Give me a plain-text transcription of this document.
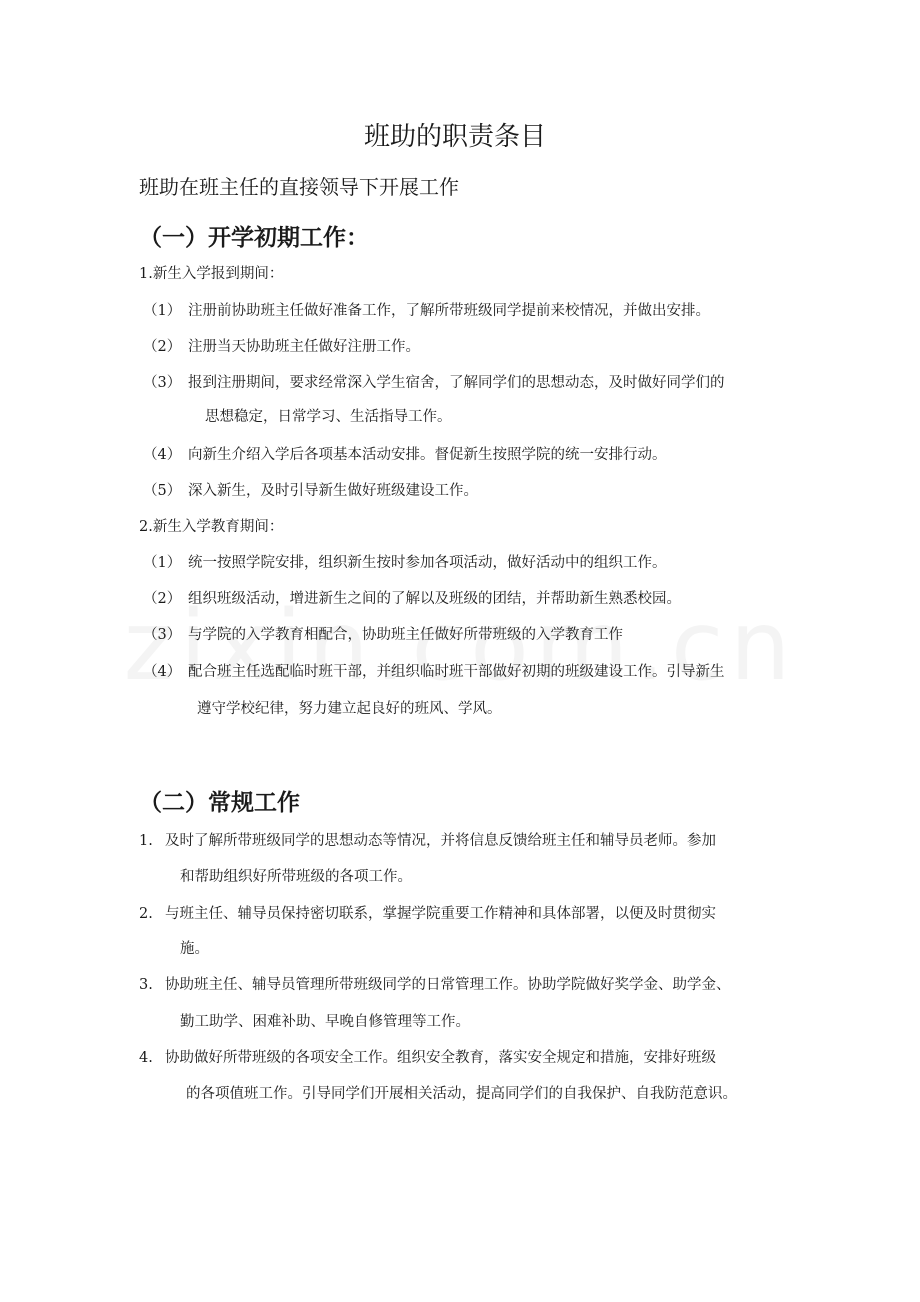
班助的职责条目
班助在班主任的直接领导下开展工作
（一）开学初期工作：
1.新生入学报到期间：
（1） 注册前协助班主任做好准备工作，了解所带班级同学提前来校情况，并做出安排。
（2） 注册当天协助班主任做好注册工作。
（3） 报到注册期间，要求经常深入学生宿舍，了解同学们的思想动态，及时做好同学们的
思想稳定，日常学习、生活指导工作。
（4） 向新生介绍入学后各项基本活动安排。督促新生按照学院的统一安排行动。
（5） 深入新生，及时引导新生做好班级建设工作。
2.新生入学教育期间：
（1） 统一按照学院安排，组织新生按时参加各项活动，做好活动中的组织工作。
（2） 组织班级活动，增进新生之间的了解以及班级的团结，并帮助新生熟悉校园。
（3） 与学院的入学教育相配合，协助班主任做好所带班级的入学教育工作
（4） 配合班主任选配临时班干部，并组织临时班干部做好初期的班级建设工作。引导新生
遵守学校纪律，努力建立起良好的班风、学风。
（二）常规工作
1. 及时了解所带班级同学的思想动态等情况，并将信息反馈给班主任和辅导员老师。参加
和帮助组织好所带班级的各项工作。
2. 与班主任、辅导员保持密切联系，掌握学院重要工作精神和具体部署，以便及时贯彻实
施。
3. 协助班主任、辅导员管理所带班级同学的日常管理工作。协助学院做好奖学金、助学金、
勤工助学、困难补助、早晚自修管理等工作。
4. 协助做好所带班级的各项安全工作。组织安全教育，落实安全规定和措施，安排好班级
的各项值班工作。引导同学们开展相关活动，提高同学们的自我保护、自我防范意识。
